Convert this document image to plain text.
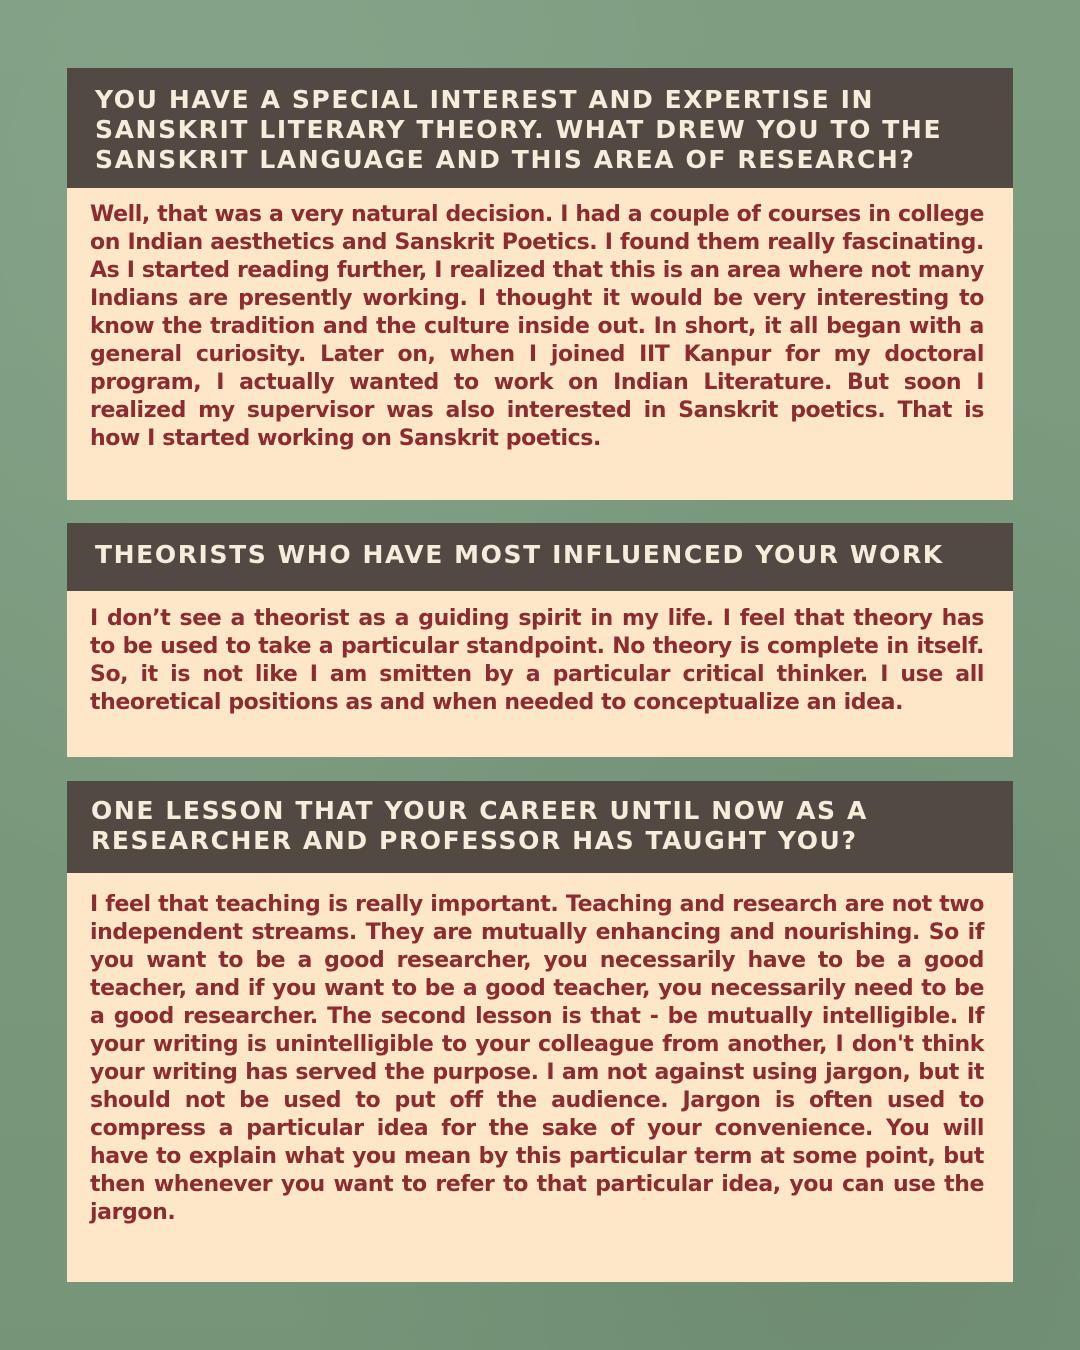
YOU HAVE A SPECIAL INTEREST AND EXPERTISE IN SANSKRIT LITERARY THEORY. WHAT DREW YOU TO THE SANSKRIT LANGUAGE AND THIS AREA OF RESEARCH?
Well, that was a very natural decision. I had a couple of courses in college on Indian aesthetics and Sanskrit Poetics. I found them really fascinating. As I started reading further, I realized that this is an area where not many Indians are presently working. I thought it would be very interesting to know the tradition and the culture inside out. In short, it all began with a general curiosity. Later on, when I joined IIT Kanpur for my doctoral program, I actually wanted to work on Indian Literature. But soon I realized my supervisor was also interested in Sanskrit poetics. That is how I started working on Sanskrit poetics.
THEORISTS WHO HAVE MOST INFLUENCED YOUR WORK
I don’t see a theorist as a guiding spirit in my life. I feel that theory has to be used to take a particular standpoint. No theory is complete in itself. So, it is not like I am smitten by a particular critical thinker. I use all theoretical positions as and when needed to conceptualize an idea.
ONE LESSON THAT YOUR CAREER UNTIL NOW AS A RESEARCHER AND PROFESSOR HAS TAUGHT YOU?
I feel that teaching is really important. Teaching and research are not two independent streams. They are mutually enhancing and nourishing. So if you want to be a good researcher, you necessarily have to be a good teacher, and if you want to be a good teacher, you necessarily need to be a good researcher. The second lesson is that - be mutually intelligible. If your writing is unintelligible to your colleague from another, I don't think your writing has served the purpose. I am not against using jargon, but it should not be used to put off the audience. Jargon is often used to compress a particular idea for the sake of your convenience. You will have to explain what you mean by this particular term at some point, but then whenever you want to refer to that particular idea, you can use the jargon.
